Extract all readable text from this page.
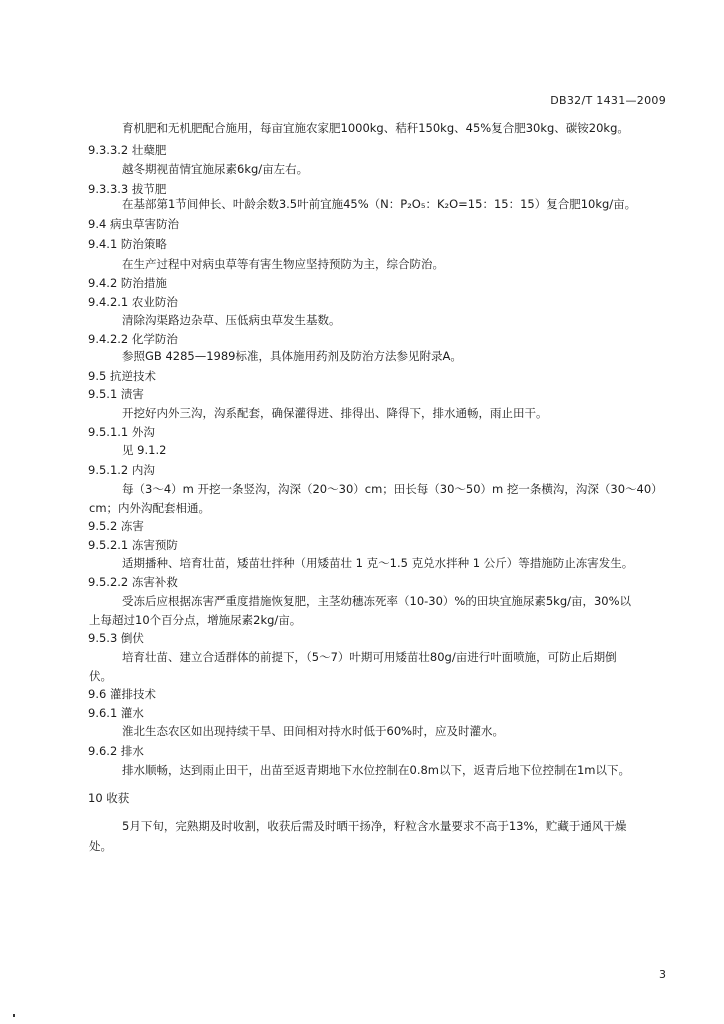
DB32/T 1431—2009
育机肥和无机肥配合施用，每亩宜施农家肥1000kg、秸秆150kg、45%复合肥30kg、碳铵20kg。
9.3.3.2 壮蘖肥
越冬期视苗情宜施尿素6kg/亩左右。
9.3.3.3 拔节肥
在基部第1节间伸长、叶龄余数3.5叶前宜施45%（N：P₂O₅：K₂O=15：15：15）复合肥10kg/亩。
9.4 病虫草害防治
9.4.1 防治策略
在生产过程中对病虫草等有害生物应坚持预防为主，综合防治。
9.4.2 防治措施
9.4.2.1 农业防治
清除沟渠路边杂草、压低病虫草发生基数。
9.4.2.2 化学防治
参照GB 4285—1989标准，具体施用药剂及防治方法参见附录A。
9.5 抗逆技术
9.5.1 渍害
开挖好内外三沟，沟系配套，确保灌得进、排得出、降得下，排水通畅，雨止田干。
9.5.1.1 外沟
见 9.1.2
9.5.1.2 内沟
每（3～4）m 开挖一条竖沟，沟深（20～30）cm；田长每（30～50）m 挖一条横沟，沟深（30～40）
cm；内外沟配套相通。
9.5.2 冻害
9.5.2.1 冻害预防
适期播种、培育壮苗，矮苗壮拌种（用矮苗壮 1 克～1.5 克兑水拌种 1 公斤）等措施防止冻害发生。
9.5.2.2 冻害补救
受冻后应根据冻害严重度措施恢复肥，主茎幼穗冻死率（10-30）%的田块宜施尿素5kg/亩，30%以
上每超过10个百分点，增施尿素2kg/亩。
9.5.3 倒伏
培育壮苗、建立合适群体的前提下，（5～7）叶期可用矮苗壮80g/亩进行叶面喷施，可防止后期倒
伏。
9.6 灌排技术
9.6.1 灌水
淮北生态农区如出现持续干旱、田间相对持水时低于60%时，应及时灌水。
9.6.2 排水
排水顺畅，达到雨止田干，出苗至返青期地下水位控制在0.8m以下，返青后地下位控制在1m以下。
10 收获
5月下旬，完熟期及时收割，收获后需及时晒干扬净，籽粒含水量要求不高于13%，贮藏于通风干燥
处。
3
